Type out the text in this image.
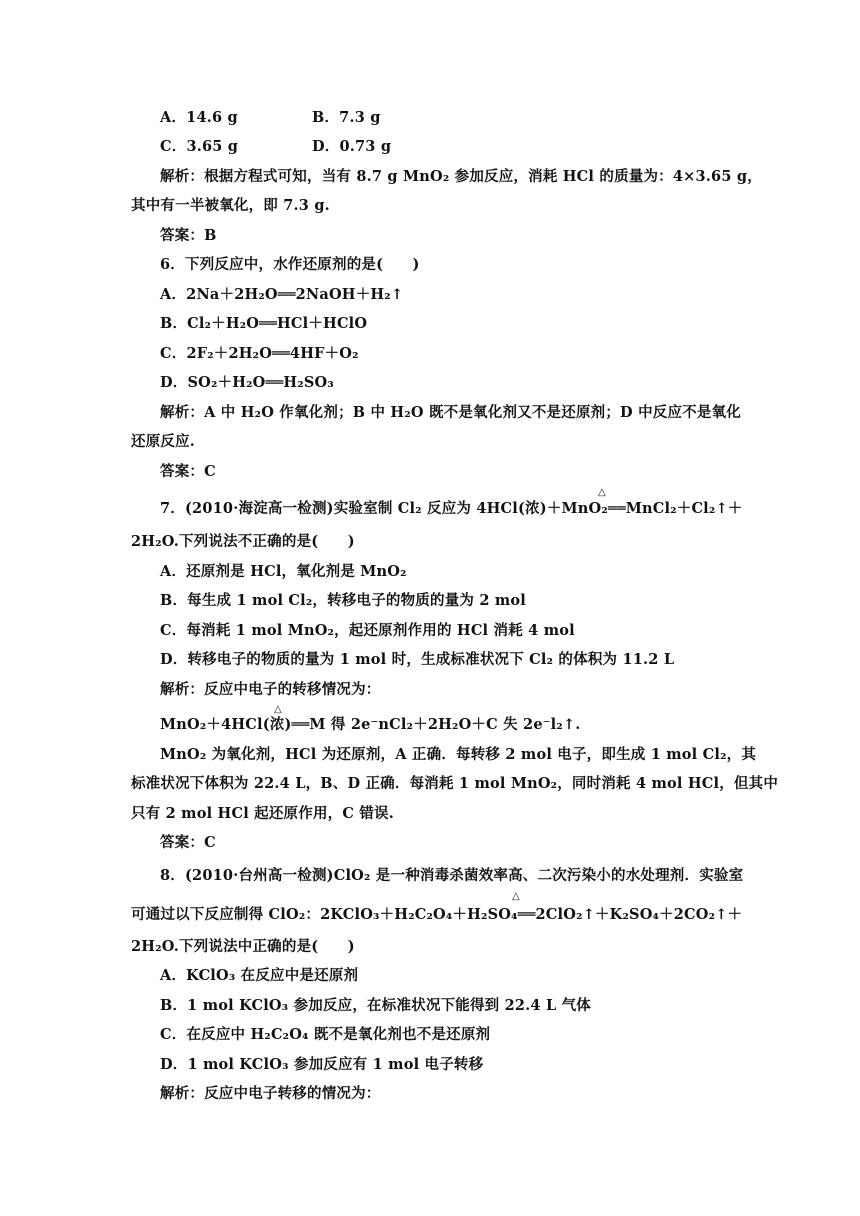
A．14.6 g	B．7.3 g
C．3.65 g	D．0.73 g
解析：根据方程式可知，当有 8.7 g MnO₂ 参加反应，消耗 HCl 的质量为：4×3.65 g，
其中有一半被氧化，即 7.3 g.
答案：B
6．下列反应中，水作还原剂的是(　　)
A．2Na＋2H₂O══2NaOH＋H₂↑
B．Cl₂＋H₂O══HCl＋HClO
C．2F₂＋2H₂O══4HF＋O₂
D．SO₂＋H₂O══H₂SO₃
解析：A 中 H₂O 作氧化剂；B 中 H₂O 既不是氧化剂又不是还原剂；D 中反应不是氧化
还原反应.
答案：C
△
7．(2010·海淀高一检测)实验室制 Cl₂ 反应为 4HCl(浓)＋MnO₂══MnCl₂＋Cl₂↑＋
2H₂O.下列说法不正确的是(　　)
A．还原剂是 HCl，氧化剂是 MnO₂
B．每生成 1 mol Cl₂，转移电子的物质的量为 2 mol
C．每消耗 1 mol MnO₂，起还原剂作用的 HCl 消耗 4 mol
D．转移电子的物质的量为 1 mol 时，生成标准状况下 Cl₂ 的体积为 11.2 L
解析：反应中电子的转移情况为：
△
MnO₂＋4HCl(浓)══M 得 2e⁻nCl₂＋2H₂O＋C 失 2e⁻l₂↑.
MnO₂ 为氧化剂，HCl 为还原剂，A 正确．每转移 2 mol 电子，即生成 1 mol Cl₂，其
标准状况下体积为 22.4 L，B、D 正确．每消耗 1 mol MnO₂，同时消耗 4 mol HCl，但其中
只有 2 mol HCl 起还原作用，C 错误.
答案：C
8．(2010·台州高一检测)ClO₂ 是一种消毒杀菌效率高、二次污染小的水处理剂．实验室
△
可通过以下反应制得 ClO₂：2KClO₃＋H₂C₂O₄＋H₂SO₄══2ClO₂↑＋K₂SO₄＋2CO₂↑＋
2H₂O.下列说法中正确的是(　　)
A．KClO₃ 在反应中是还原剂
B．1 mol KClO₃ 参加反应，在标准状况下能得到 22.4 L 气体
C．在反应中 H₂C₂O₄ 既不是氧化剂也不是还原剂
D．1 mol KClO₃ 参加反应有 1 mol 电子转移
解析：反应中电子转移的情况为：
